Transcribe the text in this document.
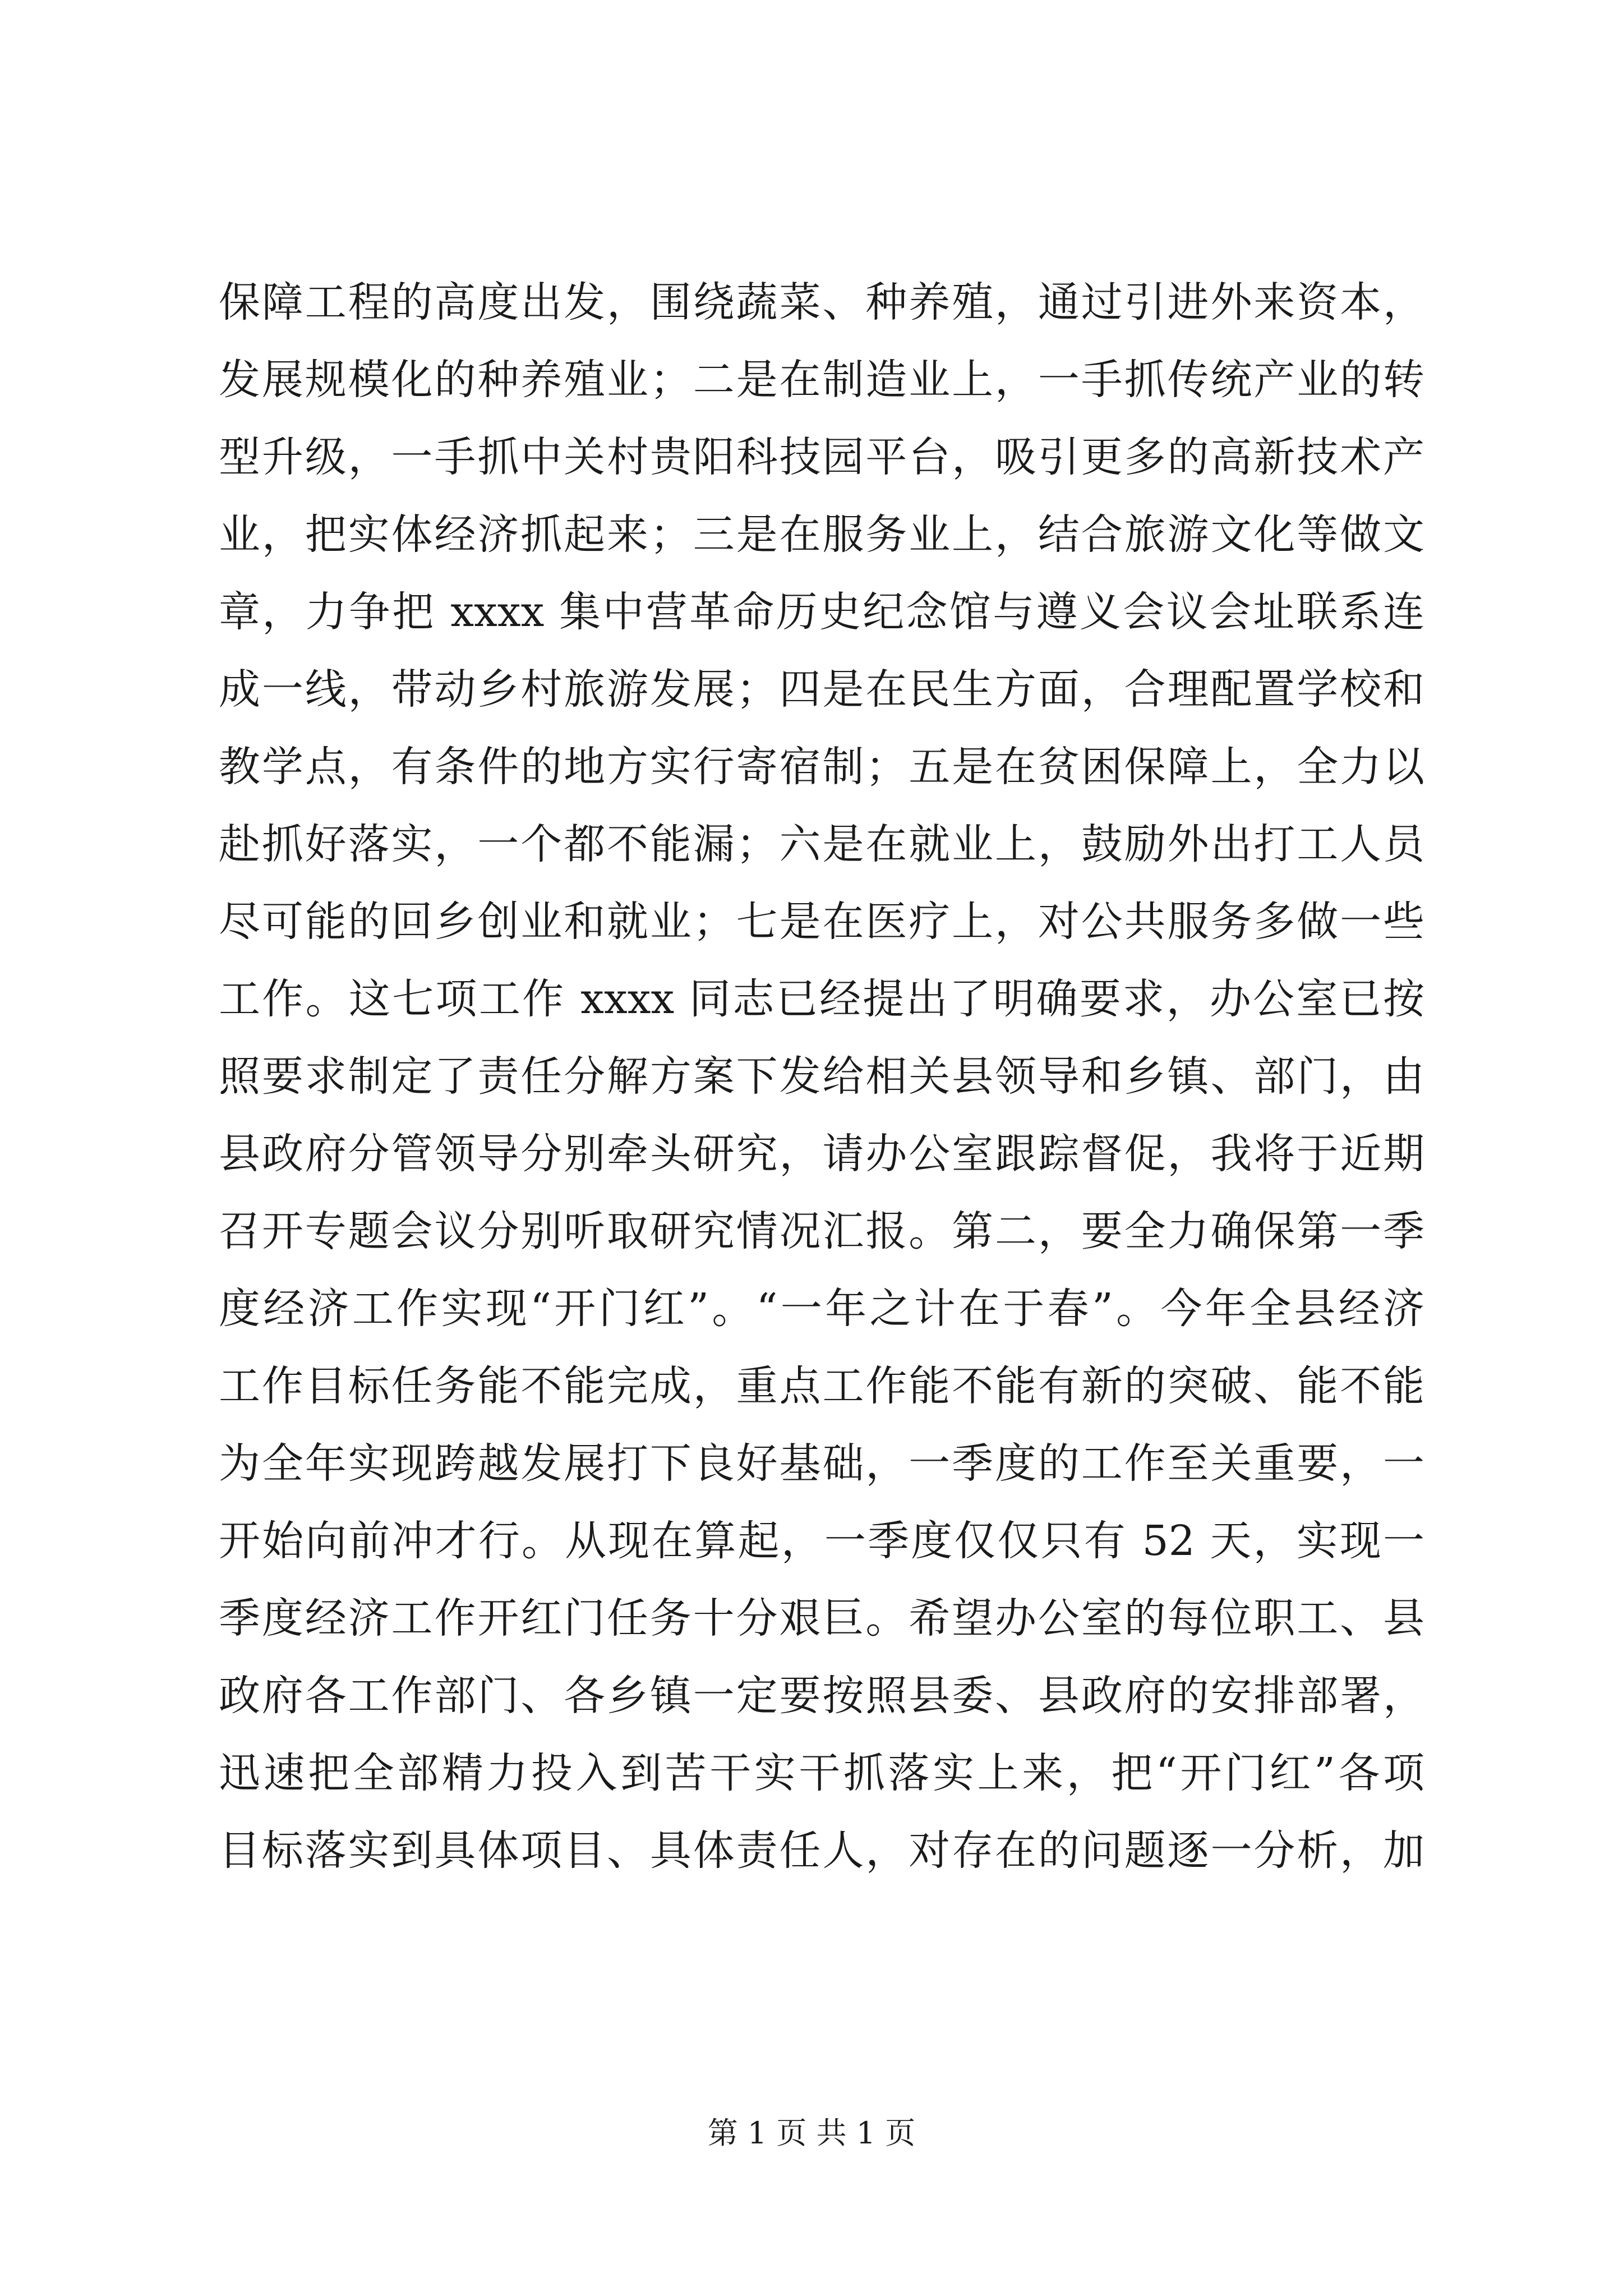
保障工程的高度出发，围绕蔬菜、种养殖，通过引进外来资本，
发展规模化的种养殖业；二是在制造业上，一手抓传统产业的转
型升级，一手抓中关村贵阳科技园平台，吸引更多的高新技术产
业，把实体经济抓起来；三是在服务业上，结合旅游文化等做文
章，力争把 xxxx 集中营革命历史纪念馆与遵义会议会址联系连
成一线，带动乡村旅游发展；四是在民生方面，合理配置学校和
教学点，有条件的地方实行寄宿制；五是在贫困保障上，全力以
赴抓好落实，一个都不能漏；六是在就业上，鼓励外出打工人员
尽可能的回乡创业和就业；七是在医疗上，对公共服务多做一些
工作。这七项工作 xxxx 同志已经提出了明确要求，办公室已按
照要求制定了责任分解方案下发给相关县领导和乡镇、部门，由
县政府分管领导分别牵头研究，请办公室跟踪督促，我将于近期
召开专题会议分别听取研究情况汇报。第二，要全力确保第一季
度经济工作实现“开门红”。“一年之计在于春”。今年全县经济
工作目标任务能不能完成，重点工作能不能有新的突破、能不能
为全年实现跨越发展打下良好基础，一季度的工作至关重要，一
开始向前冲才行。从现在算起，一季度仅仅只有 52 天，实现一
季度经济工作开红门任务十分艰巨。希望办公室的每位职工、县
政府各工作部门、各乡镇一定要按照县委、县政府的安排部署，
迅速把全部精力投入到苦干实干抓落实上来，把“开门红”各项
目标落实到具体项目、具体责任人，对存在的问题逐一分析，加
第 1 页 共 1 页
